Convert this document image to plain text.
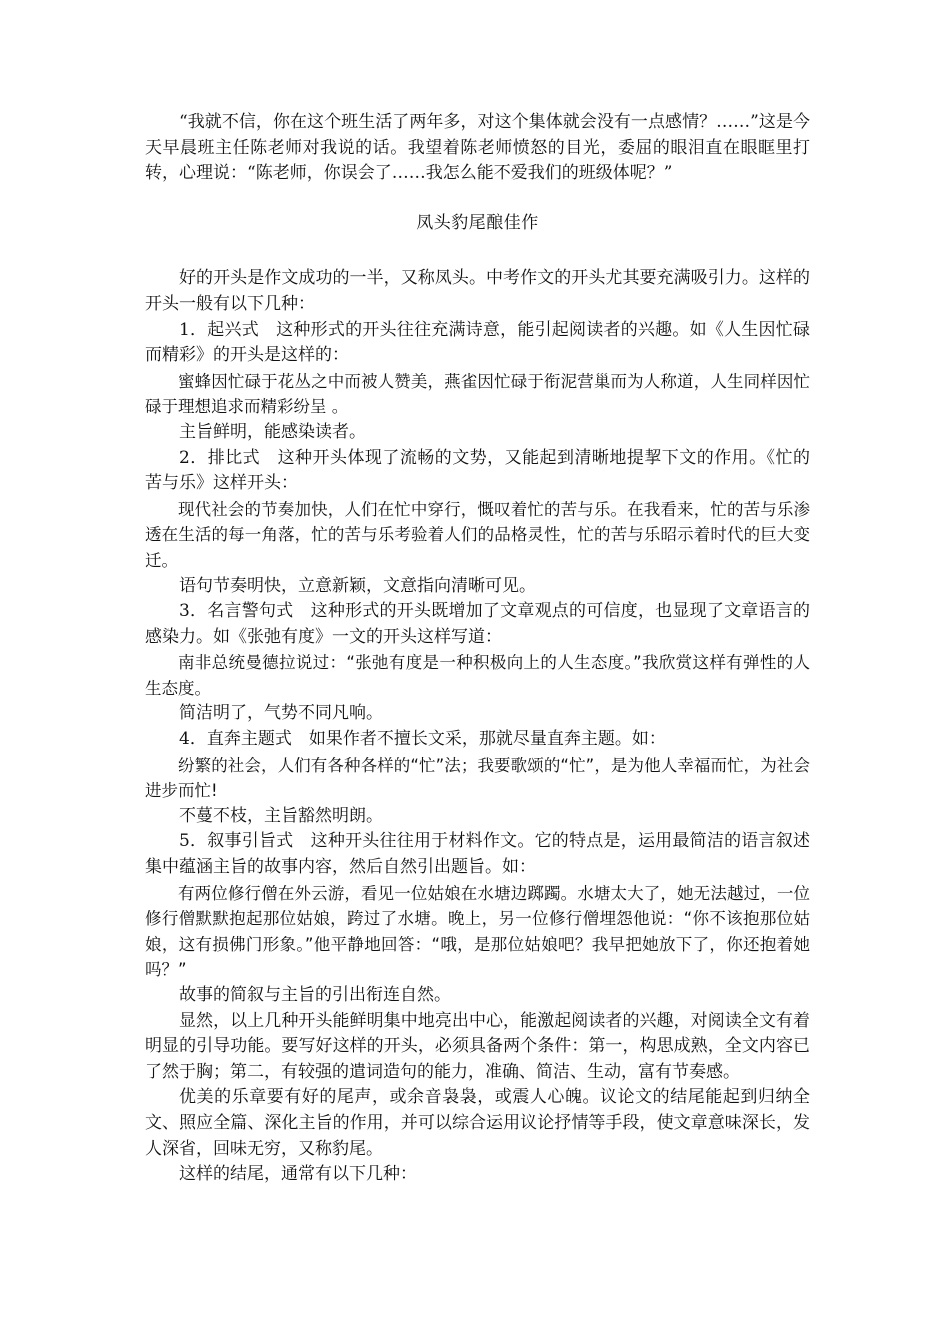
“我就不信，你在这个班生活了两年多，对这个集体就会没有一点感情？……”这是今天早晨班主任陈老师对我说的话。我望着陈老师愤怒的目光，委屈的眼泪直在眼眶里打转，心理说：“陈老师，你误会了……我怎么能不爱我们的班级体呢？”

凤头豹尾酿佳作

好的开头是作文成功的一半，又称凤头。中考作文的开头尤其要充满吸引力。这样的开头一般有以下几种：

1．起兴式　这种形式的开头往往充满诗意，能引起阅读者的兴趣。如《人生因忙碌而精彩》的开头是这样的：

蜜蜂因忙碌于花丛之中而被人赞美，燕雀因忙碌于衔泥营巢而为人称道，人生同样因忙碌于理想追求而精彩纷呈 。

主旨鲜明，能感染读者。

2．排比式　这种开头体现了流畅的文势，又能起到清晰地提挈下文的作用。《忙的苦与乐》这样开头：

现代社会的节奏加快，人们在忙中穿行，慨叹着忙的苦与乐。在我看来，忙的苦与乐渗透在生活的每一角落，忙的苦与乐考验着人们的品格灵性，忙的苦与乐昭示着时代的巨大变迁。

语句节奏明快，立意新颖，文意指向清晰可见。

3．名言警句式　这种形式的开头既增加了文章观点的可信度，也显现了文章语言的感染力。如《张弛有度》一文的开头这样写道：

南非总统曼德拉说过：“张弛有度是一种积极向上的人生态度。”我欣赏这样有弹性的人生态度。

简洁明了，气势不同凡响。

4．直奔主题式　如果作者不擅长文采，那就尽量直奔主题。如：

纷繁的社会，人们有各种各样的“忙”法；我要歌颂的“忙”，是为他人幸福而忙，为社会进步而忙!

不蔓不枝，主旨豁然明朗。

5．叙事引旨式　这种开头往往用于材料作文。它的特点是，运用最简洁的语言叙述集中蕴涵主旨的故事内容，然后自然引出题旨。如：

有两位修行僧在外云游，看见一位姑娘在水塘边踯躅。水塘太大了，她无法越过，一位修行僧默默抱起那位姑娘，跨过了水塘。晚上，另一位修行僧埋怨他说：“你不该抱那位姑娘，这有损佛门形象。”他平静地回答：“哦，是那位姑娘吧？我早把她放下了，你还抱着她吗？”

故事的简叙与主旨的引出衔连自然。

显然，以上几种开头能鲜明集中地亮出中心，能激起阅读者的兴趣，对阅读全文有着明显的引导功能。要写好这样的开头，必须具备两个条件：第一，构思成熟，全文内容已了然于胸；第二，有较强的遣词造句的能力，准确、简洁、生动，富有节奏感。

优美的乐章要有好的尾声，或余音袅袅，或震人心魄。议论文的结尾能起到归纳全文、照应全篇、深化主旨的作用，并可以综合运用议论抒情等手段，使文章意味深长，发人深省，回味无穷，又称豹尾。

这样的结尾，通常有以下几种：
